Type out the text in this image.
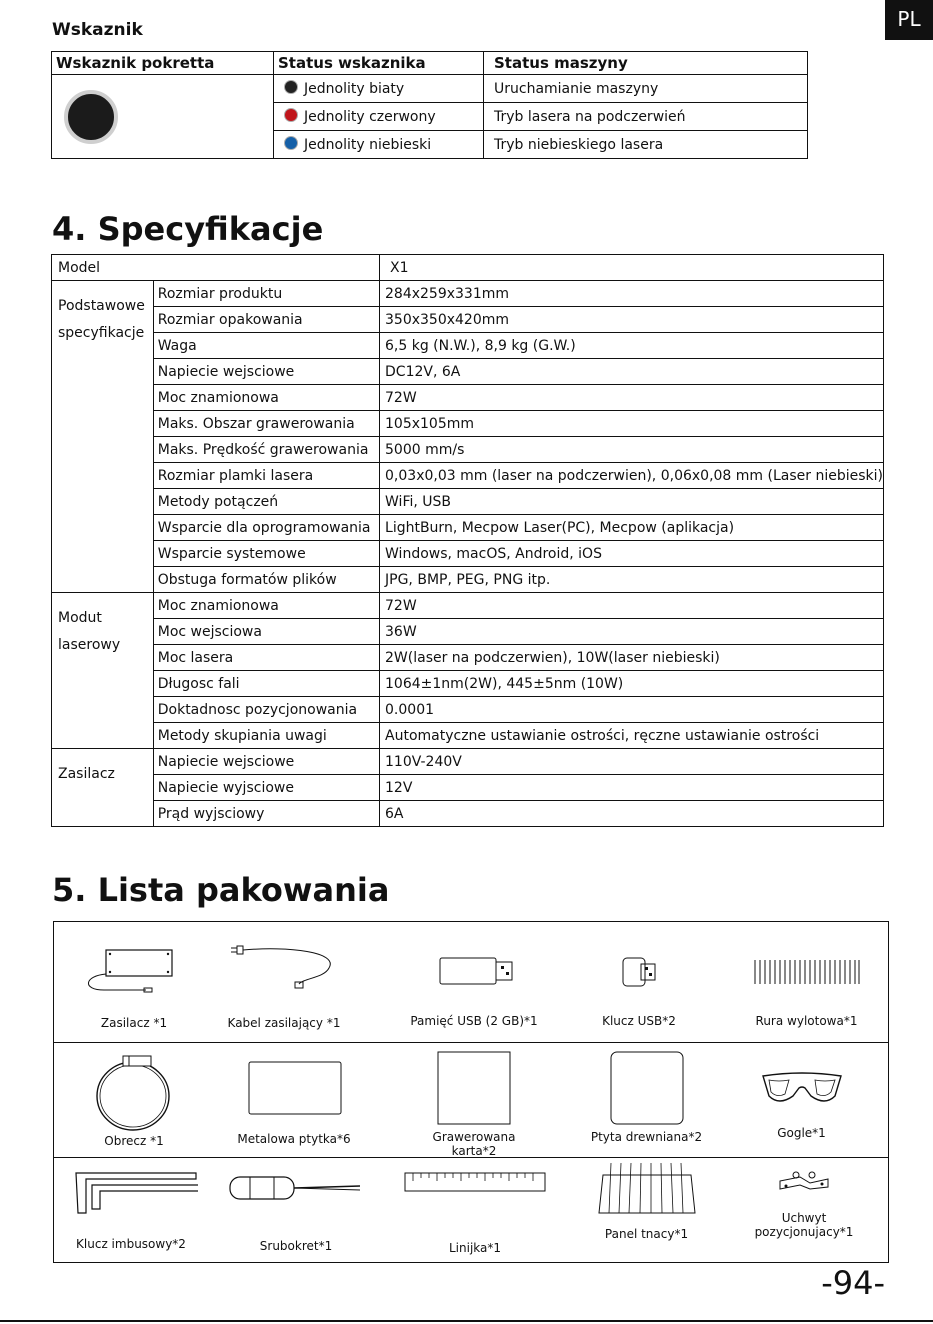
PL
Wskaznik
Wskaznik pokretta	Status wskaznika	Status maszyny

	Jednolity biaty	Uruchamianie maszyny
	Jednolity czerwony	Tryb lasera na podczerwień
	Jednolity niebieski	Tryb niebieskiego lasera
4. Specyfikacje
Model		X1
Podstawowe specyfikacje	Rozmiar produktu	284x259x331mm
	Rozmiar opakowania	350x350x420mm
	Waga	6,5 kg (N.W.), 8,9 kg (G.W.)
	Napiecie wejsciowe	DC12V, 6A
	Moc znamionowa	72W
	Maks. Obszar grawerowania	105x105mm
	Maks. Prędkość grawerowania	5000 mm/s
	Rozmiar plamki lasera	0,03x0,03 mm (laser na podczerwien), 0,06x0,08 mm (Laser niebieski)
	Metody potączeń	WiFi, USB
	Wsparcie dla oprogramowania	LightBurn, Mecpow Laser(PC), Mecpow (aplikacja)
	Wsparcie systemowe	Windows, macOS, Android, iOS
	Obstuga formatów plików	JPG, BMP, PEG, PNG itp.
Modut laserowy	Moc znamionowa	72W
	Moc wejsciowa	36W
	Moc lasera	2W(laser na podczerwien), 10W(laser niebieski)
	Długosc fali	1064±1nm(2W), 445±5nm (10W)
	Doktadnosc pozycjonowania	0.0001
	Metody skupiania uwagi	Automatyczne ustawianie ostrości, ręczne ustawianie ostrości
Zasilacz	Napiecie wejsciowe	110V-240V
	Napiecie wyjsciowe	12V
	Prąd wyjsciowy	6A
5. Lista pakowania
Zasilacz *1	Kabel zasilający *1	Pamięć USB (2 GB)*1	Klucz USB*2	Rura wylotowa*1
Obrecz *1	Metalowa ptytka*6	Grawerowana karta*2
Ptyta drewniana*2	Gogle*1
Klucz imbusowy*2	Srubokret*1	Linijka*1
Panel tnacy*1
Uchwyt pozycjonujacy*1
-94-
